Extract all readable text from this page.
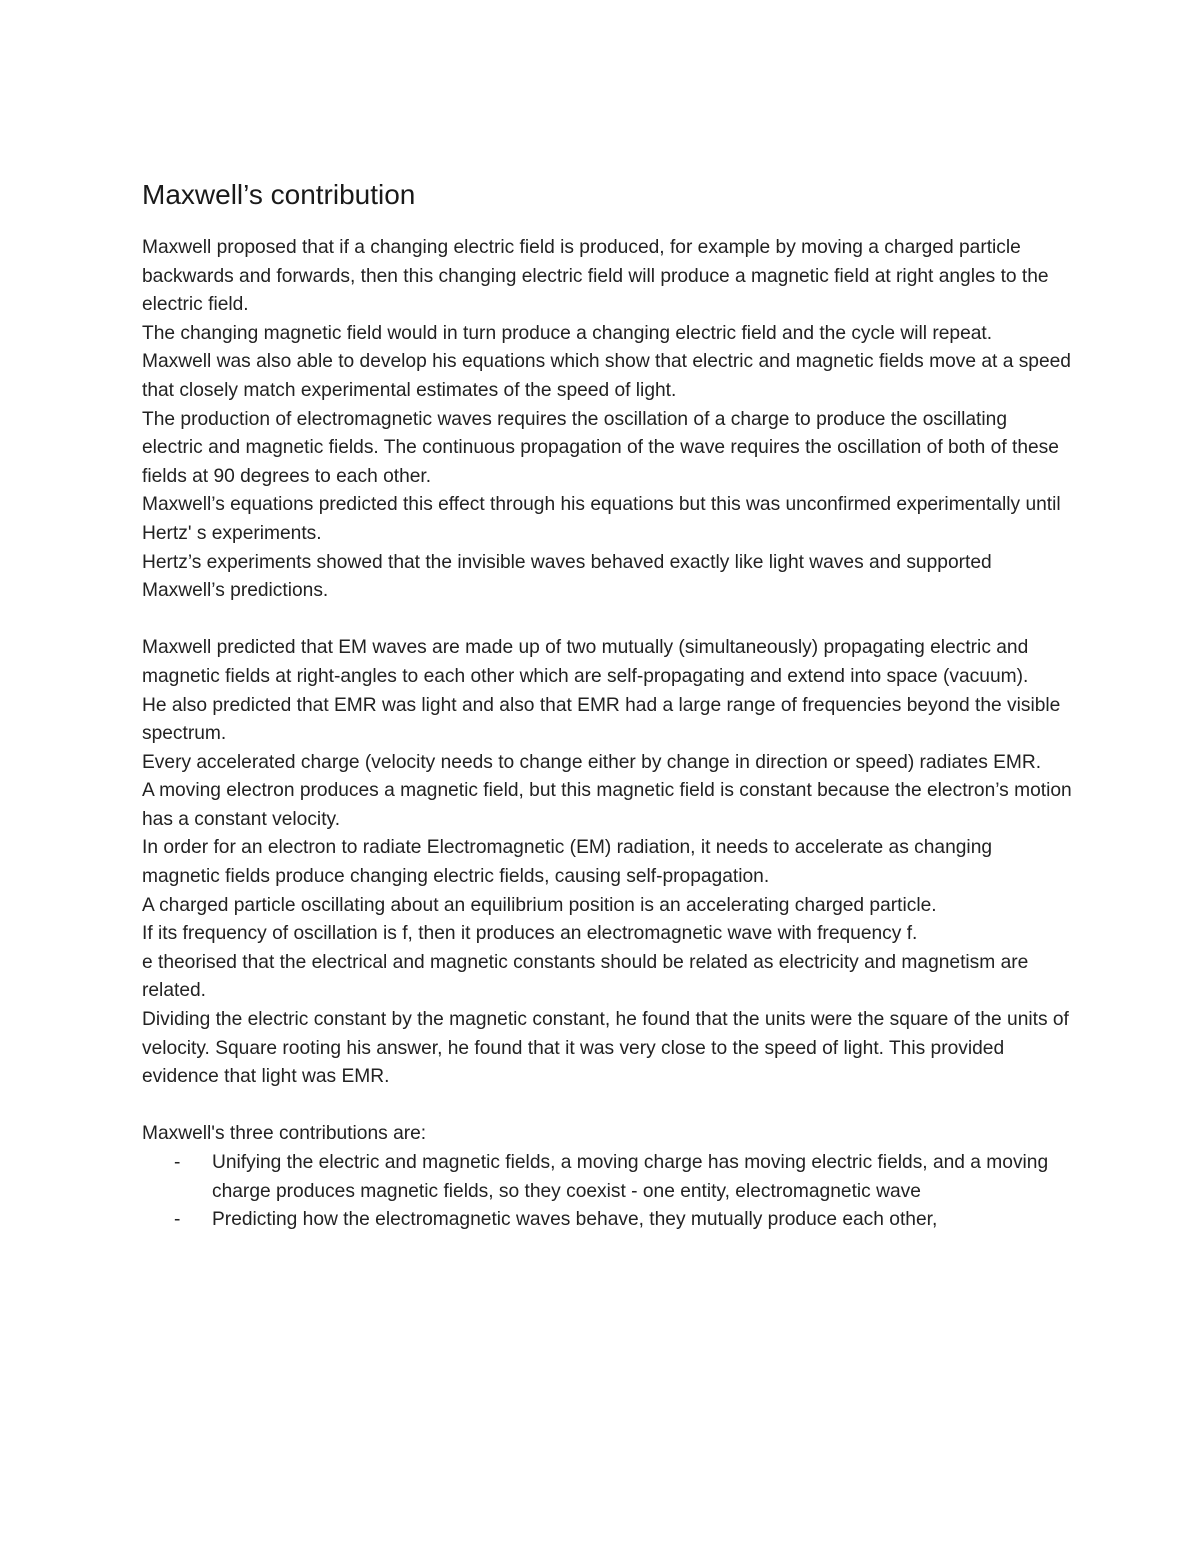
Maxwell’s contribution

Maxwell proposed that if a changing electric field is produced, for example by moving a charged particle backwards and forwards, then this changing electric field will produce a magnetic field at right angles to the electric field.

The changing magnetic field would in turn produce a changing electric field and the cycle will repeat.

Maxwell was also able to develop his equations which show that electric and magnetic fields move at a speed that closely match experimental estimates of the speed of light.

The production of electromagnetic waves requires the oscillation of a charge to produce the oscillating electric and magnetic fields. The continuous propagation of the wave requires the oscillation of both of these fields at 90 degrees to each other.

Maxwell’s equations predicted this effect through his equations but this was unconfirmed experimentally until Hertz' s experiments.

Hertz’s experiments showed that the invisible waves behaved exactly like light waves and supported Maxwell’s predictions.

Maxwell predicted that EM waves are made up of two mutually (simultaneously) propagating electric and magnetic fields at right-angles to each other which are self-propagating and extend into space (vacuum).

He also predicted that EMR was light and also that EMR had a large range of frequencies beyond the visible spectrum.

Every accelerated charge (velocity needs to change either by change in direction or speed) radiates EMR.

A moving electron produces a magnetic field, but this magnetic field is constant because the electron’s motion has a constant velocity.

In order for an electron to radiate Electromagnetic (EM) radiation, it needs to accelerate as changing magnetic fields produce changing electric fields, causing self-propagation.

A charged particle oscillating about an equilibrium position is an accelerating charged particle.

If its frequency of oscillation is f, then it produces an electromagnetic wave with frequency f.

e theorised that the electrical and magnetic constants should be related as electricity and magnetism are related.

Dividing the electric constant by the magnetic constant, he found that the units were the square of the units of velocity. Square rooting his answer, he found that it was very close to the speed of light. This provided evidence that light was EMR.

Maxwell's three contributions are:

- Unifying the electric and magnetic fields, a moving charge has moving electric fields, and a moving charge produces magnetic fields, so they coexist - one entity, electromagnetic wave
- Predicting how the electromagnetic waves behave, they mutually produce each other,
